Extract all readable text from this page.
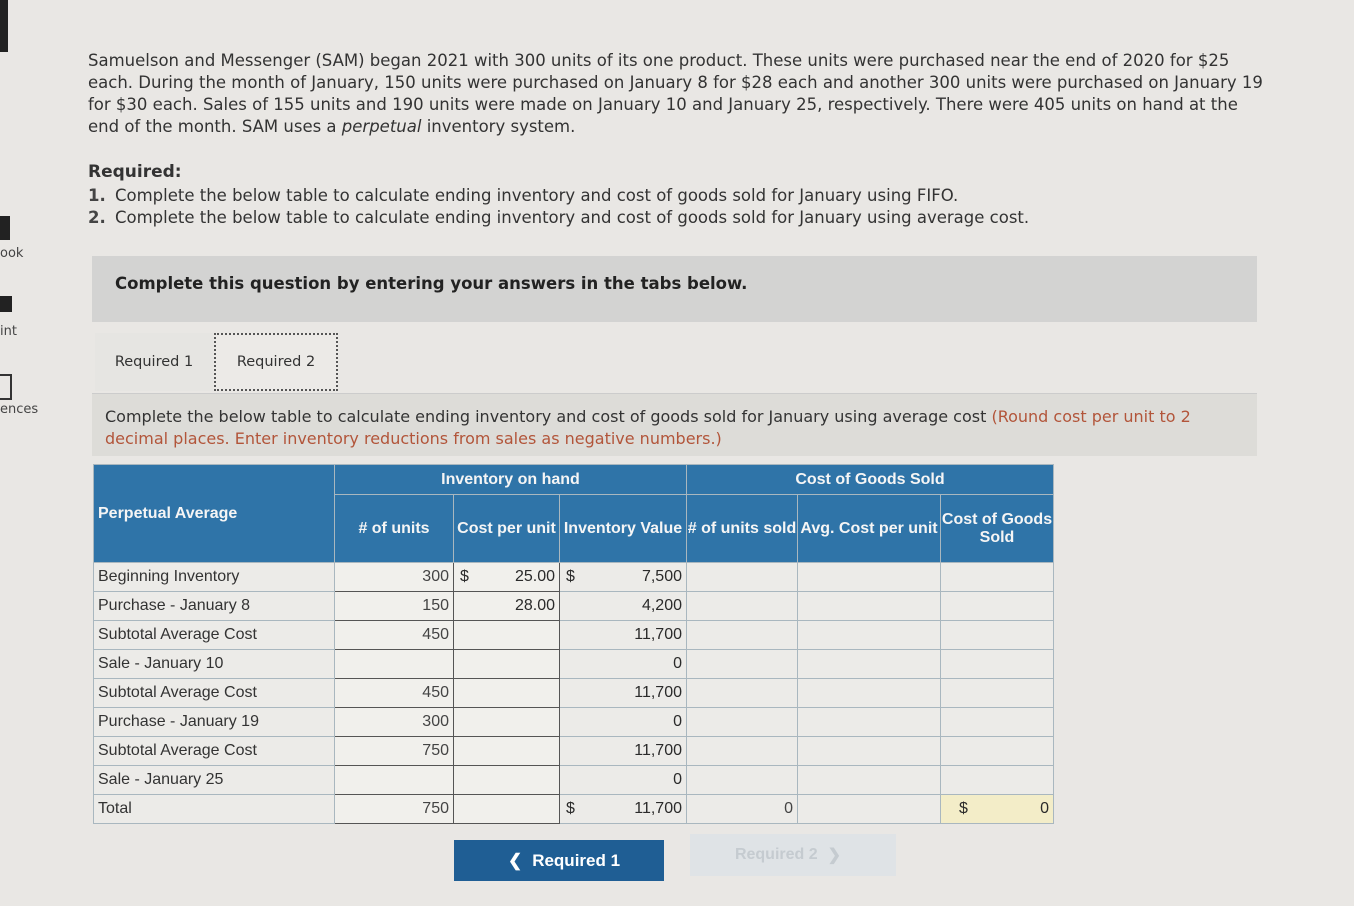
ook
int
ences
Samuelson and Messenger (SAM) began 2021 with 300 units of its one product. These units were purchased near the end of 2020 for $25 each. During the month of January, 150 units were purchased on January 8 for $28 each and another 300 units were purchased on January 19 for $30 each. Sales of 155 units and 190 units were made on January 10 and January 25, respectively. There were 405 units on hand at the end of the month. SAM uses a perpetual inventory system.
Required:
1. Complete the below table to calculate ending inventory and cost of goods sold for January using FIFO.
2. Complete the below table to calculate ending inventory and cost of goods sold for January using average cost.
Complete this question by entering your answers in the tabs below.
Required 1	Required 2
Complete the below table to calculate ending inventory and cost of goods sold for January using average cost (Round cost per unit to 2 decimal places. Enter inventory reductions from sales as negative numbers.)
Perpetual Average	Inventory on hand			Cost of Goods Sold		
	# of units	Cost per unit	Inventory Value	# of units sold	Avg. Cost per unit	Cost of Goods Sold
Beginning Inventory	300	$ 25.00	$ 7,500			

Purchase - January 8	150	28.00	4,200			

Subtotal Average Cost	450		11,700			

Sale - January 10			0			

Subtotal Average Cost	450		11,700			

Purchase - January 19	300		0			

Subtotal Average Cost	750		11,700			

Sale - January 25			0			

Total	750		$ 11,700	0		$ 0
❮ Required 1	Required 2 ❯
